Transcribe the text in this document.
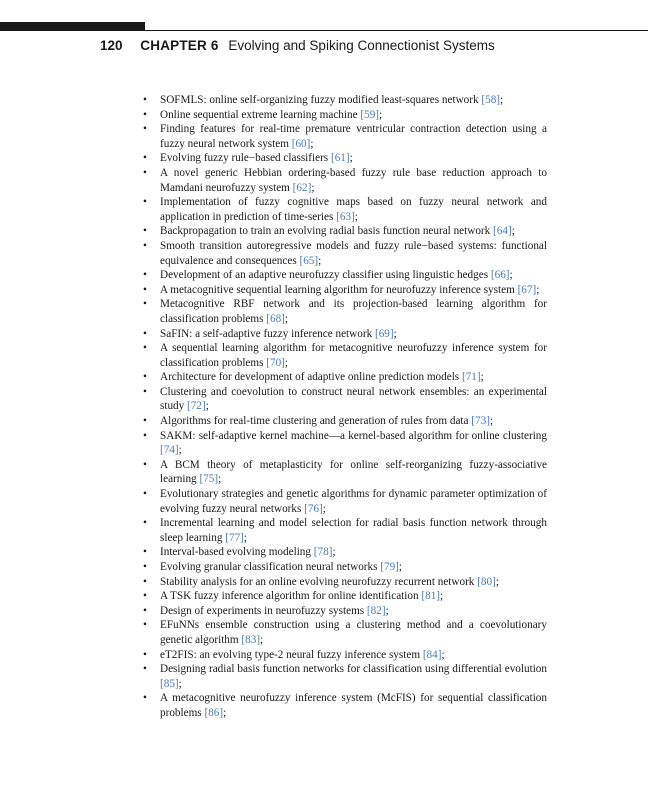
120 CHAPTER 6 Evolving and Spiking Connectionist Systems
• SOFMLS: online self-organizing fuzzy modified least-squares network [58];
• Online sequential extreme learning machine [59];
• Finding features for real-time premature ventricular contraction detection using a fuzzy neural network system [60];
• Evolving fuzzy rule−based classifiers [61];
• A novel generic Hebbian ordering-based fuzzy rule base reduction approach to Mamdani neurofuzzy system [62];
• Implementation of fuzzy cognitive maps based on fuzzy neural network and application in prediction of time-series [63];
• Backpropagation to train an evolving radial basis function neural network [64];
• Smooth transition autoregressive models and fuzzy rule−based systems: functional equivalence and consequences [65];
• Development of an adaptive neurofuzzy classifier using linguistic hedges [66];
• A metacognitive sequential learning algorithm for neurofuzzy inference system [67];
• Metacognitive RBF network and its projection-based learning algorithm for classification problems [68];
• SaFIN: a self-adaptive fuzzy inference network [69];
• A sequential learning algorithm for metacognitive neurofuzzy inference system for classification problems [70];
• Architecture for development of adaptive online prediction models [71];
• Clustering and coevolution to construct neural network ensembles: an experimental study [72];
• Algorithms for real-time clustering and generation of rules from data [73];
• SAKM: self-adaptive kernel machine—a kernel-based algorithm for online clustering [74];
• A BCM theory of metaplasticity for online self-reorganizing fuzzy-associative learning [75];
• Evolutionary strategies and genetic algorithms for dynamic parameter optimization of evolving fuzzy neural networks [76];
• Incremental learning and model selection for radial basis function network through sleep learning [77];
• Interval-based evolving modeling [78];
• Evolving granular classification neural networks [79];
• Stability analysis for an online evolving neurofuzzy recurrent network [80];
• A TSK fuzzy inference algorithm for online identification [81];
• Design of experiments in neurofuzzy systems [82];
• EFuNNs ensemble construction using a clustering method and a coevolutionary genetic algorithm [83];
• eT2FIS: an evolving type-2 neural fuzzy inference system [84];
• Designing radial basis function networks for classification using differential evolution [85];
• A metacognitive neurofuzzy inference system (McFIS) for sequential classification problems [86];
